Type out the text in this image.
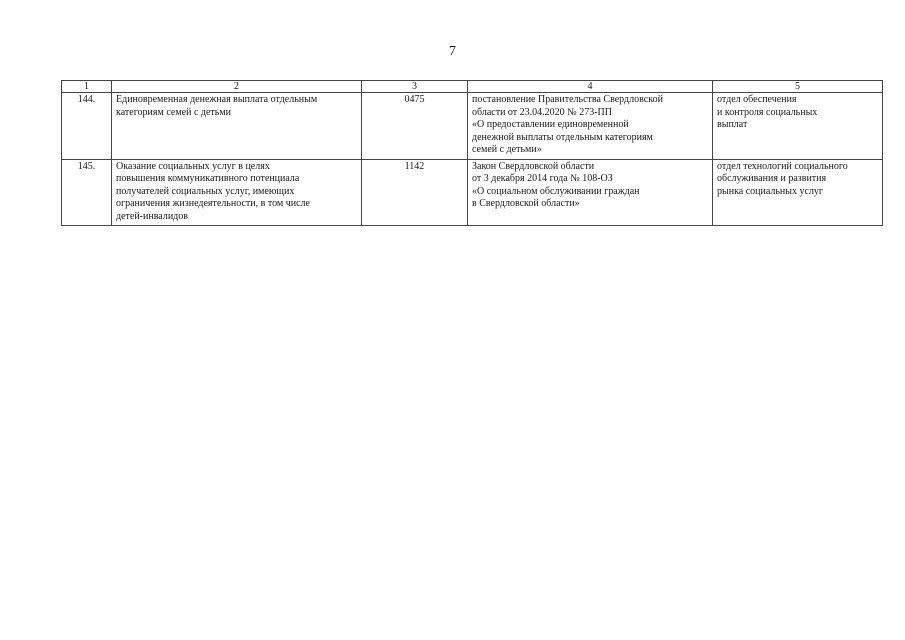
7
1	2	3	4	5
144.	Единовременная денежная выплата отдельным
категориям семей с детьми	0475	постановление Правительства Свердловской
области от 23.04.2020 № 273-ПП
«О предоставлении единовременной
денежной выплаты отдельным категориям
семей с детьми»	отдел обеспечения
и контроля социальных
выплат

145.	Оказание социальных услуг в целях
повышения коммуникативного потенциала
получателей социальных услуг, имеющих
ограничения жизнедеятельности, в том числе
детей-инвалидов	1142	Закон Свердловской области
от 3 декабря 2014 года № 108-ОЗ
«О социальном обслуживании граждан
в Свердловской области»	отдел технологий социального
обслуживания и развития
рынка социальных услуг
